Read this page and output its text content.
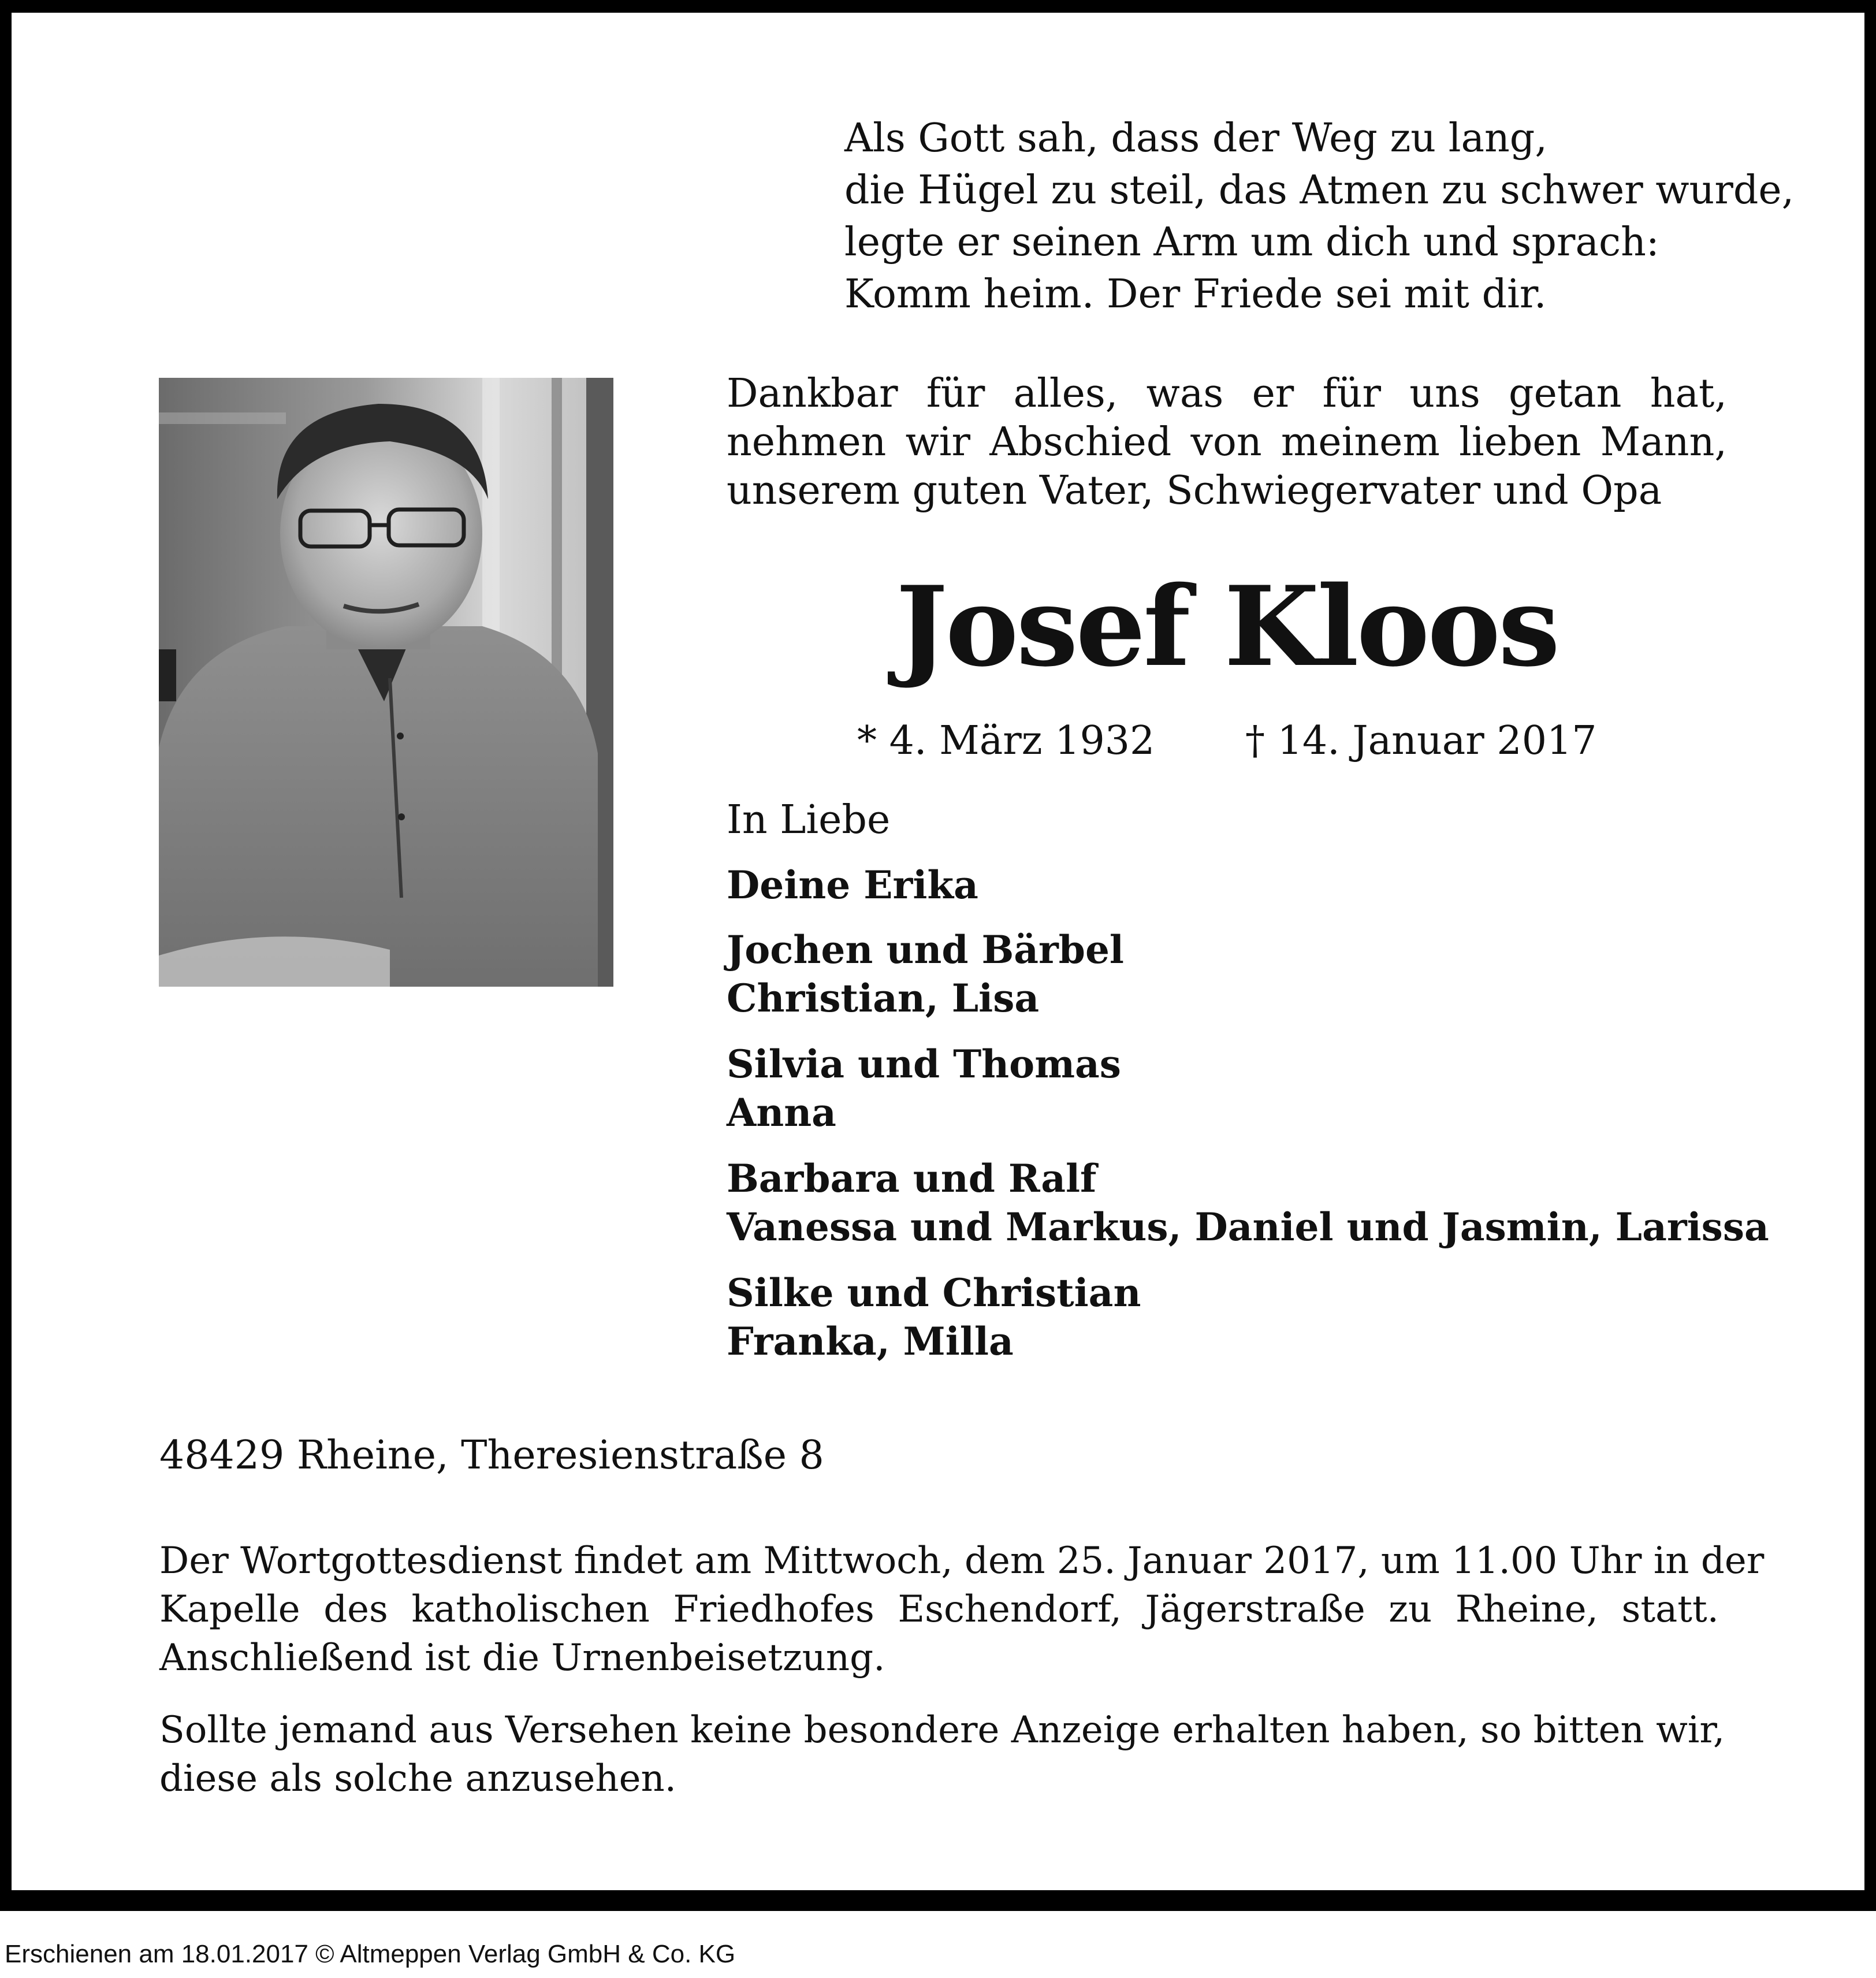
Als Gott sah, dass der Weg zu lang,
die Hügel zu steil, das Atmen zu schwer wurde,
legte er seinen Arm um dich und sprach:
Komm heim. Der Friede sei mit dir.
Dankbar für alles, was er für uns getan hat,
nehmen wir Abschied von meinem lieben Mann,
unserem guten Vater, Schwiegervater und Opa
Josef Kloos
* 4. März 1932 † 14. Januar 2017
In Liebe
Deine Erika
Jochen und Bärbel
Christian, Lisa
Silvia und Thomas
Anna
Barbara und Ralf
Vanessa und Markus, Daniel und Jasmin, Larissa
Silke und Christian
Franka, Milla
48429 Rheine, Theresienstraße 8
Der Wortgottesdienst findet am Mittwoch, dem 25. Januar 2017, um 11.00 Uhr in der
Kapelle des katholischen Friedhofes Eschendorf, Jägerstraße zu Rheine, statt.
Anschließend ist die Urnenbeisetzung.
Sollte jemand aus Versehen keine besondere Anzeige erhalten haben, so bitten wir,
diese als solche anzusehen.
Erschienen am 18.01.2017 © Altmeppen Verlag GmbH & Co. KG
